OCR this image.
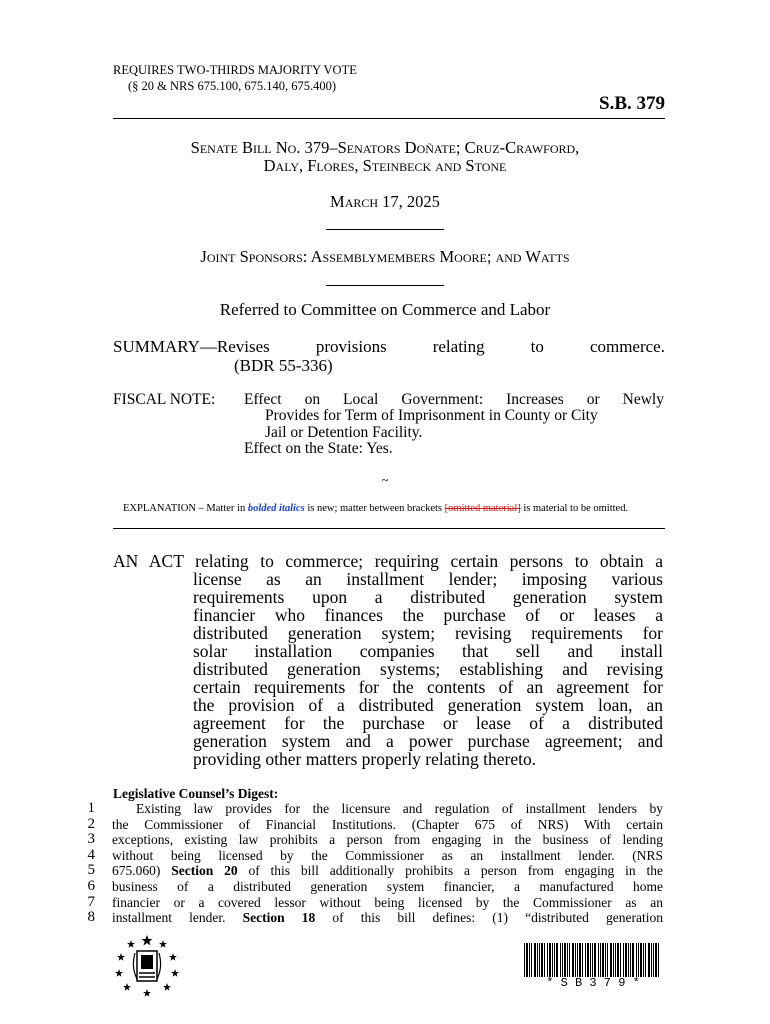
REQUIRES TWO-THIRDS MAJORITY VOTE
(§ 20 & NRS 675.100, 675.140, 675.400)
S.B. 379
Senate Bill No. 379–Senators Doñate; Cruz-Crawford,
Daly, Flores, Steinbeck and Stone
March 17, 2025
Joint Sponsors: Assemblymembers Moore; and Watts
Referred to Committee on Commerce and Labor
SUMMARY—Revises	provisions	relating	to	commerce.
(BDR 55-336)
FISCAL NOTE: Effect on Local Government: Increases or Newly
Provides for Term of Imprisonment in County or City
Jail or Detention Facility.
Effect on the State: Yes.
~
EXPLANATION – Matter in bolded italics is new; matter between brackets [omitted material] is material to be omitted.
AN ACT relating to commerce; requiring certain persons to obtain a
license as an installment lender; imposing various
requirements upon a distributed generation system
financier who finances the purchase of or leases a
distributed generation system; revising requirements for
solar installation companies that sell and install
distributed generation systems; establishing and revising
certain requirements for the contents of an agreement for
the provision of a distributed generation system loan, an
agreement for the purchase or lease of a distributed
generation system and a power purchase agreement; and
providing other matters properly relating thereto.
Legislative Counsel’s Digest:
1
2
3
4
5
6
7
8
Existing law provides for the licensure and regulation of installment lenders by
the Commissioner of Financial Institutions. (Chapter 675 of NRS) With certain
exceptions, existing law prohibits a person from engaging in the business of lending
without being licensed by the Commissioner as an installment lender. (NRS
675.060) Section 20 of this bill additionally prohibits a person from engaging in the
business of a distributed generation system financier, a manufactured home
financier or a covered lessor without being licensed by the Commissioner as an
installment lender. Section 18 of this bill defines: (1) “distributed generation
* S B 3 7 9 *
